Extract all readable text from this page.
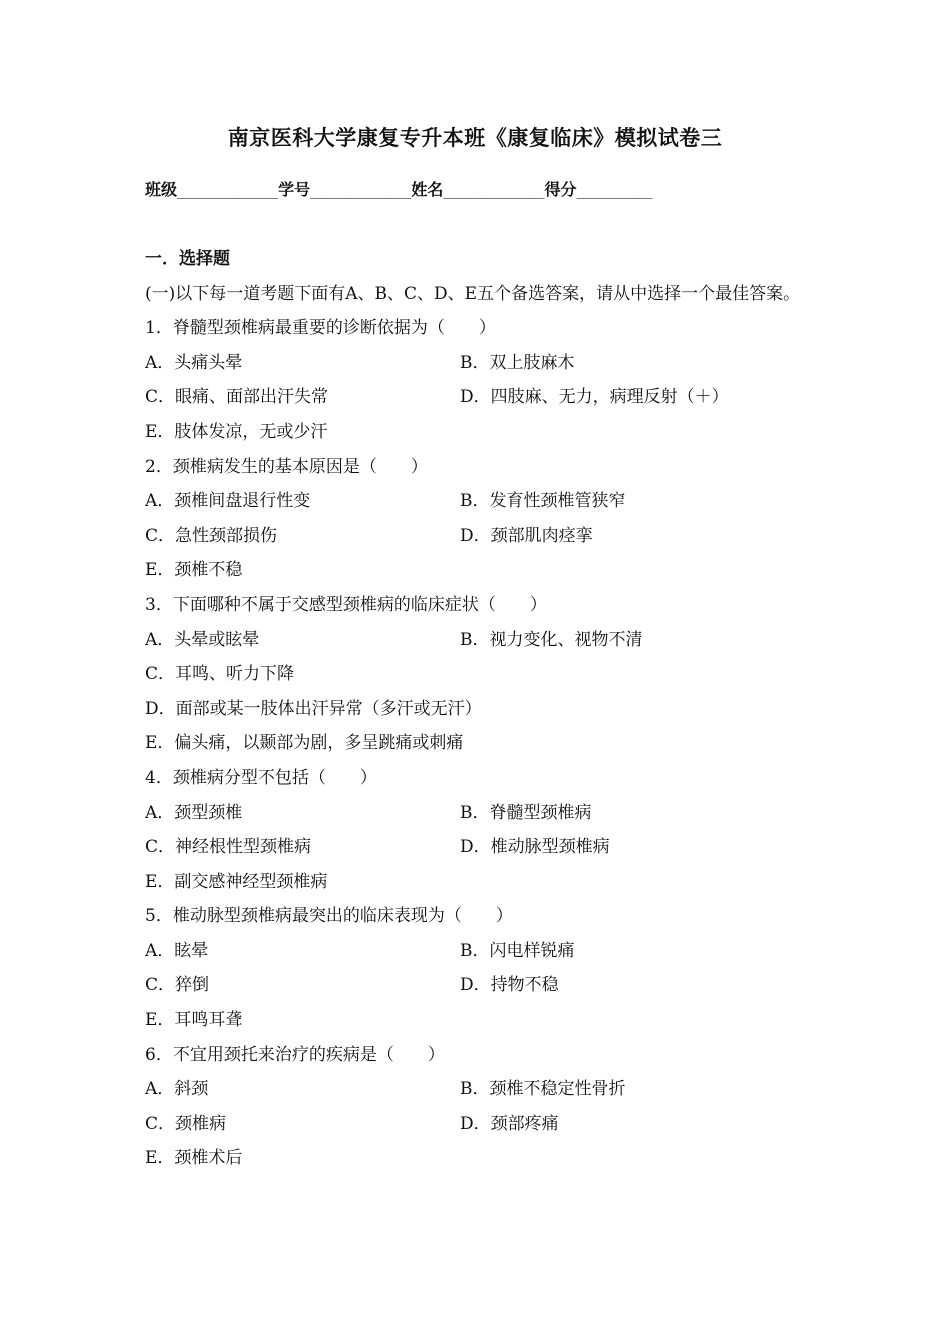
南京医科大学康复专升本班《康复临床》模拟试卷三
班级____________学号____________姓名____________得分_________
一．选择题
(一)以下每一道考题下面有A、B、C、D、E五个备选答案，请从中选择一个最佳答案。
1．脊髓型颈椎病最重要的诊断依据为（　　）
A．头痛头晕	B．双上肢麻木
C．眼痛、面部出汗失常	D．四肢麻、无力，病理反射（＋）
E．肢体发凉，无或少汗
2．颈椎病发生的基本原因是（　　）
A．颈椎间盘退行性变	B．发育性颈椎管狭窄
C．急性颈部损伤	D．颈部肌肉痉挛
E．颈椎不稳
3．下面哪种不属于交感型颈椎病的临床症状（　　）
A．头晕或眩晕	B．视力变化、视物不清
C．耳鸣、听力下降
D．面部或某一肢体出汗异常（多汗或无汗）
E．偏头痛，以颞部为剧，多呈跳痛或刺痛
4．颈椎病分型不包括（　　）
A．颈型颈椎	B．脊髓型颈椎病
C．神经根性型颈椎病	D．椎动脉型颈椎病
E．副交感神经型颈椎病
5．椎动脉型颈椎病最突出的临床表现为（　　）
A．眩晕	B．闪电样锐痛
C．猝倒	D．持物不稳
E．耳鸣耳聋
6．不宜用颈托来治疗的疾病是（　　）
A．斜颈	B．颈椎不稳定性骨折
C．颈椎病	D．颈部疼痛
E．颈椎术后
